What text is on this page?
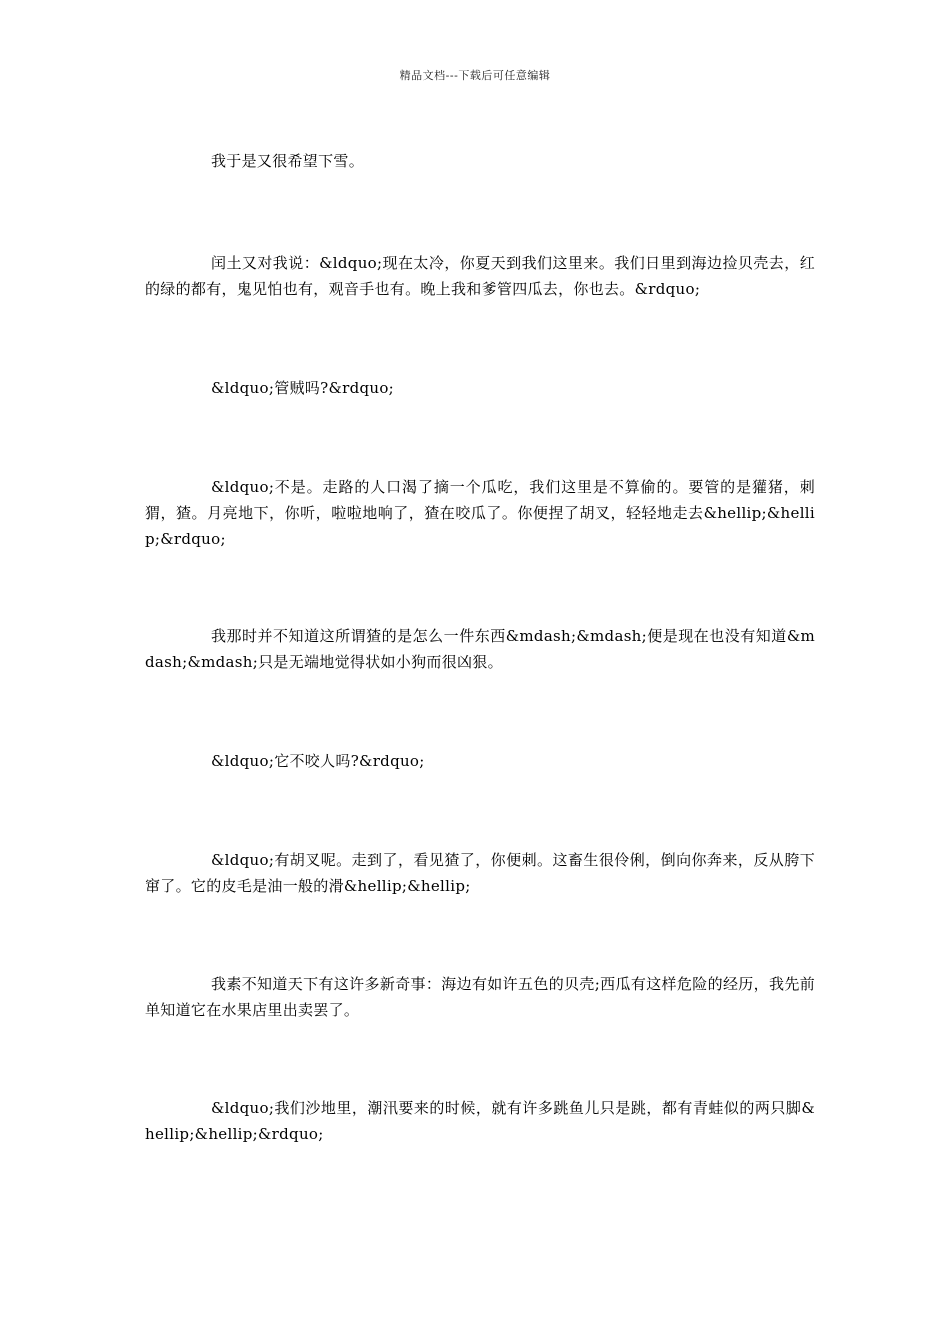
精品文档---下载后可任意编辑

我于是又很希望下雪。

闰土又对我说：&ldquo;现在太冷，你夏天到我们这里来。我们日里到海边捡贝壳去，红的绿的都有，鬼见怕也有，观音手也有。晚上我和爹管四瓜去，你也去。&rdquo;

&ldquo;管贼吗?&rdquo;

&ldquo;不是。走路的人口渴了摘一个瓜吃，我们这里是不算偷的。要管的是獾猪，刺猬，猹。月亮地下，你听，啦啦地响了，猹在咬瓜了。你便捏了胡叉，轻轻地走去&hellip;&hellip;&rdquo;

我那时并不知道这所谓猹的是怎么一件东西&mdash;&mdash;便是现在也没有知道&mdash;&mdash;只是无端地觉得状如小狗而很凶狠。

&ldquo;它不咬人吗?&rdquo;

&ldquo;有胡叉呢。走到了，看见猹了，你便刺。这畜生很伶俐，倒向你奔来，反从胯下窜了。它的皮毛是油一般的滑&hellip;&hellip;

我素不知道天下有这许多新奇事：海边有如许五色的贝壳;西瓜有这样危险的经历，我先前单知道它在水果店里出卖罢了。

&ldquo;我们沙地里，潮汛要来的时候，就有许多跳鱼儿只是跳，都有青蛙似的两只脚&hellip;&hellip;&rdquo;
